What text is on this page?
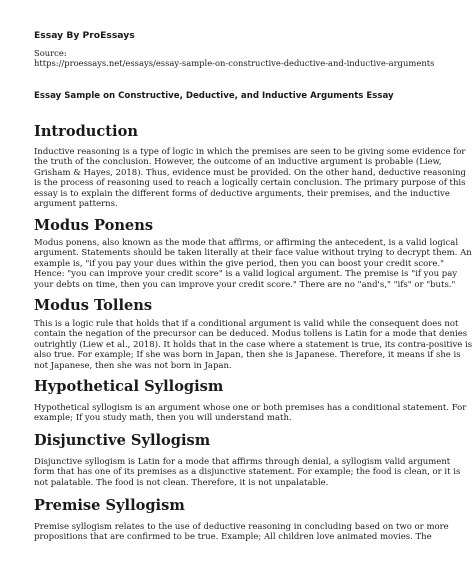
Essay By ProEssays
Source:
https://proessays.net/essays/essay-sample-on-constructive-deductive-and-inductive-arguments
Essay Sample on Constructive, Deductive, and Inductive Arguments Essay
Introduction
Inductive reasoning is a type of logic in which the premises are seen to be giving some evidence for
the truth of the conclusion. However, the outcome of an inductive argument is probable (Liew,
Grisham & Hayes, 2018). Thus, evidence must be provided. On the other hand, deductive reasoning
is the process of reasoning used to reach a logically certain conclusion. The primary purpose of this
essay is to explain the different forms of deductive arguments, their premises, and the inductive
argument patterns.
Modus Ponens
Modus ponens, also known as the mode that affirms, or affirming the antecedent, is a valid logical
argument. Statements should be taken literally at their face value without trying to decrypt them. An
example is, "if you pay your dues within the give period, then you can boost your credit score."
Hence: "you can improve your credit score" is a valid logical argument. The premise is "if you pay
your debts on time, then you can improve your credit score." There are no "and's," "ifs" or "buts."
Modus Tollens
This is a logic rule that holds that if a conditional argument is valid while the consequent does not
contain the negation of the precursor can be deduced. Modus tollens is Latin for a mode that denies
outrightly (Liew et al., 2018). It holds that in the case where a statement is true, its contra-positive is
also true. For example; If she was born in Japan, then she is Japanese. Therefore, it means if she is
not Japanese, then she was not born in Japan.
Hypothetical Syllogism
Hypothetical syllogism is an argument whose one or both premises has a conditional statement. For
example; If you study math, then you will understand math.
Disjunctive Syllogism
Disjunctive syllogism is Latin for a mode that affirms through denial, a syllogism valid argument
form that has one of its premises as a disjunctive statement. For example; the food is clean, or it is
not palatable. The food is not clean. Therefore, it is not unpalatable.
Premise Syllogism
Premise syllogism relates to the use of deductive reasoning in concluding based on two or more
propositions that are confirmed to be true. Example; All children love animated movies. The
